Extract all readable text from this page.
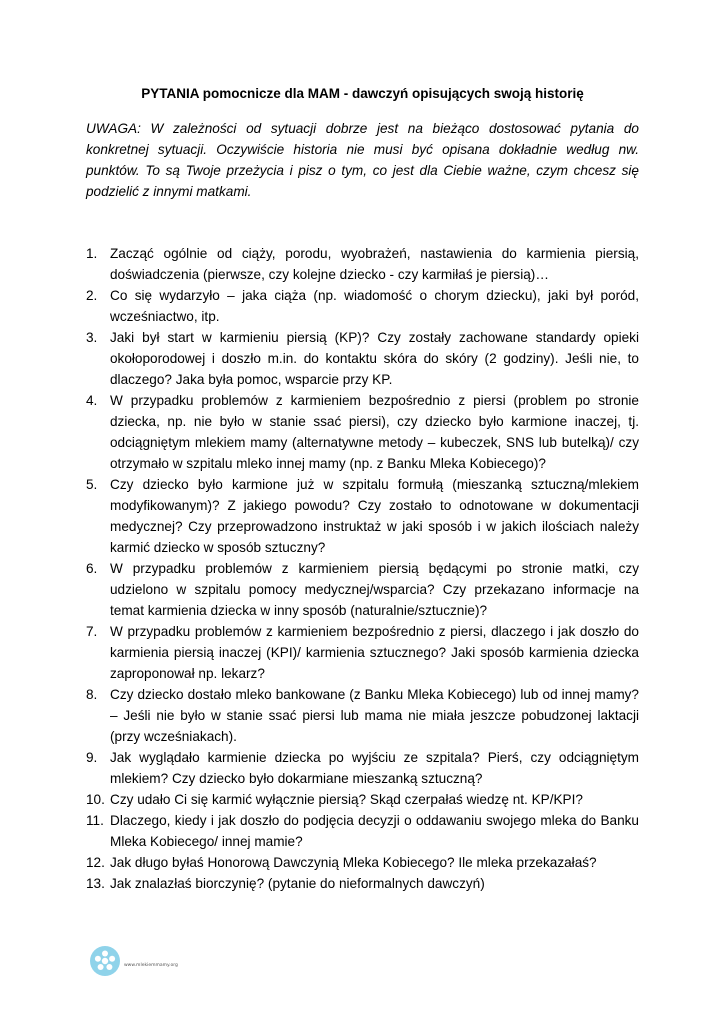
PYTANIA pomocnicze dla MAM - dawczyń opisujących swoją historię

UWAGA: W zależności od sytuacji dobrze jest na bieżąco dostosować pytania do konkretnej sytuacji. Oczywiście historia nie musi być opisana dokładnie według nw. punktów. To są Twoje przeżycia i pisz o tym, co jest dla Ciebie ważne, czym chcesz się podzielić z innymi matkami.

1. Zacząć ogólnie od ciąży, porodu, wyobrażeń, nastawienia do karmienia piersią, doświadczenia (pierwsze, czy kolejne dziecko - czy karmiłaś je piersią)…
2. Co się wydarzyło – jaka ciąża (np. wiadomość o chorym dziecku), jaki był poród, wcześniactwo, itp.
3. Jaki był start w karmieniu piersią (KP)? Czy zostały zachowane standardy opieki okołoporodowej i doszło m.in. do kontaktu skóra do skóry (2 godziny). Jeśli nie, to dlaczego? Jaka była pomoc, wsparcie przy KP.
4. W przypadku problemów z karmieniem bezpośrednio z piersi (problem po stronie dziecka, np. nie było w stanie ssać piersi), czy dziecko było karmione inaczej, tj. odciągniętym mlekiem mamy (alternatywne metody – kubeczek, SNS lub butelką)/ czy otrzymało w szpitalu mleko innej mamy (np. z Banku Mleka Kobiecego)?
5. Czy dziecko było karmione już w szpitalu formułą (mieszanką sztuczną/mlekiem modyfikowanym)? Z jakiego powodu? Czy zostało to odnotowane w dokumentacji medycznej? Czy przeprowadzono instruktaż w jaki sposób i w jakich ilościach należy karmić dziecko w sposób sztuczny?
6. W przypadku problemów z karmieniem piersią będącymi po stronie matki, czy udzielono w szpitalu pomocy medycznej/wsparcia? Czy przekazano informacje na temat karmienia dziecka w inny sposób (naturalnie/sztucznie)?
7. W przypadku problemów z karmieniem bezpośrednio z piersi, dlaczego i jak doszło do karmienia piersią inaczej (KPI)/ karmienia sztucznego? Jaki sposób karmienia dziecka zaproponował np. lekarz?
8. Czy dziecko dostało mleko bankowane (z Banku Mleka Kobiecego) lub od innej mamy? – Jeśli nie było w stanie ssać piersi lub mama nie miała jeszcze pobudzonej laktacji (przy wcześniakach).
9. Jak wyglądało karmienie dziecka po wyjściu ze szpitala? Pierś, czy odciągniętym mlekiem? Czy dziecko było dokarmiane mieszanką sztuczną?
10. Czy udało Ci się karmić wyłącznie piersią? Skąd czerpałaś wiedzę nt. KP/KPI?
11. Dlaczego, kiedy i jak doszło do podjęcia decyzji o oddawaniu swojego mleka do Banku Mleka Kobiecego/ innej mamie?
12. Jak długo byłaś Honorową Dawczynią Mleka Kobiecego? Ile mleka przekazałaś?
13. Jak znalazłaś biorczynię? (pytanie do nieformalnych dawczyń)
www.mlekiemmamy.org
